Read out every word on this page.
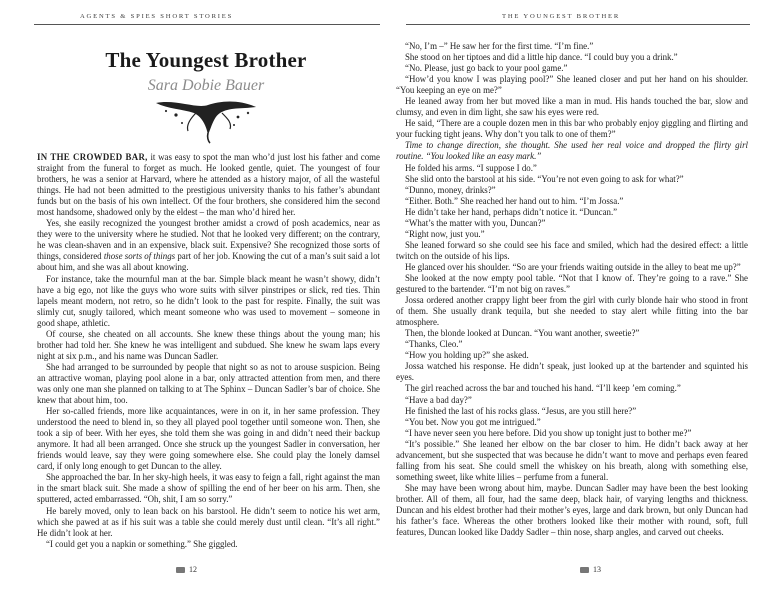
AGENTS & SPIES SHORT STORIES
The Youngest Brother
Sara Dobie Bauer

IN THE CROWDED BAR, it was easy to spot the man who’d just lost his father and come straight from the funeral to forget as much. He looked gentle, quiet. The youngest of four brothers, he was a senior at Harvard, where he attended as a history major, of all the wasteful things. He had not been admitted to the prestigious university thanks to his father’s abundant funds but on the basis of his own intellect. Of the four brothers, she considered him the second most handsome, shadowed only by the eldest – the man who’d hired her.

Yes, she easily recognized the youngest brother amidst a crowd of posh academics, near as they were to the university where he studied. Not that he looked very different; on the contrary, he was clean-shaven and in an expensive, black suit. Expensive? She recognized those sorts of things, considered those sorts of things part of her job. Knowing the cut of a man’s suit said a lot about him, and she was all about knowing.

For instance, take the mournful man at the bar. Simple black meant he wasn’t showy, didn’t have a big ego, not like the guys who wore suits with silver pinstripes or slick, red ties. Thin lapels meant modern, not retro, so he didn’t look to the past for respite. Finally, the suit was slimly cut, snugly tailored, which meant someone who was used to movement – someone in good shape, athletic.

Of course, she cheated on all accounts. She knew these things about the young man; his brother had told her. She knew he was intelligent and subdued. She knew he swam laps every night at six p.m., and his name was Duncan Sadler.

She had arranged to be surrounded by people that night so as not to arouse suspicion. Being an attractive woman, playing pool alone in a bar, only attracted attention from men, and there was only one man she planned on talking to at The Sphinx – Duncan Sadler’s bar of choice. She knew that about him, too.

Her so-called friends, more like acquaintances, were in on it, in her same profession. They understood the need to blend in, so they all played pool together until someone won. Then, she took a sip of beer. With her eyes, she told them she was going in and didn’t need their backup anymore. It had all been arranged. Once she struck up the youngest Sadler in conversation, her friends would leave, say they were going somewhere else. She could play the lonely damsel card, if only long enough to get Duncan to the alley.

She approached the bar. In her sky-high heels, it was easy to feign a fall, right against the man in the smart black suit. She made a show of spilling the end of her beer on his arm. Then, she sputtered, acted embarrassed. “Oh, shit, I am so sorry.”

He barely moved, only to lean back on his barstool. He didn’t seem to notice his wet arm, which she pawed at as if his suit was a table she could merely dust until clean. “It’s all right.” He didn’t look at her.

“I could get you a napkin or something.” She giggled.

12
THE YOUNGEST BROTHER

“No, I’m –” He saw her for the first time. “I’m fine.”

She stood on her tiptoes and did a little hip dance. “I could buy you a drink.”

“No. Please, just go back to your pool game.”

“How’d you know I was playing pool?” She leaned closer and put her hand on his shoulder. “You keeping an eye on me?”

He leaned away from her but moved like a man in mud. His hands touched the bar, slow and clumsy, and even in dim light, she saw his eyes were red.

He said, “There are a couple dozen men in this bar who probably enjoy giggling and flirting and your fucking tight jeans. Why don’t you talk to one of them?”

Time to change direction, she thought. She used her real voice and dropped the flirty girl routine. “You looked like an easy mark.”

He folded his arms. “I suppose I do.”

She slid onto the barstool at his side. “You’re not even going to ask for what?”

“Dunno, money, drinks?”

“Either. Both.” She reached her hand out to him. “I’m Jossa.”

He didn’t take her hand, perhaps didn’t notice it. “Duncan.”

“What’s the matter with you, Duncan?”

“Right now, just you.”

She leaned forward so she could see his face and smiled, which had the desired effect: a little twitch on the outside of his lips.

He glanced over his shoulder. “So are your friends waiting outside in the alley to beat me up?”

She looked at the now empty pool table. “Not that I know of. They’re going to a rave.” She gestured to the bartender. “I’m not big on raves.”

Jossa ordered another crappy light beer from the girl with curly blonde hair who stood in front of them. She usually drank tequila, but she needed to stay alert while fitting into the bar atmosphere.

Then, the blonde looked at Duncan. “You want another, sweetie?”

“Thanks, Cleo.”

“How you holding up?” she asked.

Jossa watched his response. He didn’t speak, just looked up at the bartender and squinted his eyes.

The girl reached across the bar and touched his hand. “I’ll keep ’em coming.”

“Have a bad day?”

He finished the last of his rocks glass. “Jesus, are you still here?”

“You bet. Now you got me intrigued.”

“I have never seen you here before. Did you show up tonight just to bother me?”

“It’s possible.” She leaned her elbow on the bar closer to him. He didn’t back away at her advancement, but she suspected that was because he didn’t want to move and perhaps even feared falling from his seat. She could smell the whiskey on his breath, along with something else, something sweet, like white lilies – perfume from a funeral.

She may have been wrong about him, maybe. Duncan Sadler may have been the best looking brother. All of them, all four, had the same deep, black hair, of varying lengths and thickness. Duncan and his eldest brother had their mother’s eyes, large and dark brown, but only Duncan had his father’s face. Whereas the other brothers looked like their mother with round, soft, full features, Duncan looked like Daddy Sadler – thin nose, sharp angles, and carved out cheeks.

13
